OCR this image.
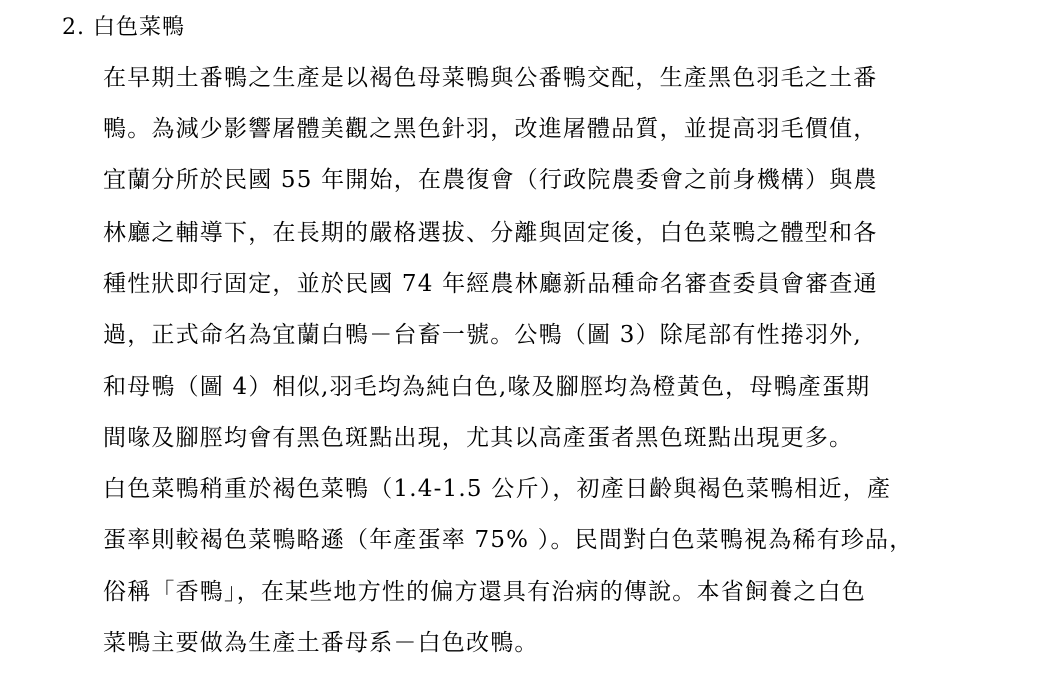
2. 白色菜鴨
在早期土番鴨之生產是以褐色母菜鴨與公番鴨交配，生產黑色羽毛之土番
鴨。為減少影響屠體美觀之黑色針羽，改進屠體品質，並提高羽毛價值，
宜蘭分所於民國 55 年開始，在農復會（行政院農委會之前身機構）與農
林廳之輔導下，在長期的嚴格選拔、分離與固定後，白色菜鴨之體型和各
種性狀即行固定，並於民國 74 年經農林廳新品種命名審查委員會審查通
過，正式命名為宜蘭白鴨－台畜一號。公鴨（圖 3）除尾部有性捲羽外,
和母鴨（圖 4）相似,羽毛均為純白色,喙及腳脛均為橙黃色，母鴨產蛋期
間喙及腳脛均會有黑色斑點出現，尤其以高產蛋者黑色斑點出現更多。
白色菜鴨稍重於褐色菜鴨（1.4-1.5 公斤），初產日齡與褐色菜鴨相近，產
蛋率則較褐色菜鴨略遜（年產蛋率 75% ）。民間對白色菜鴨視為稀有珍品，
俗稱「香鴨」，在某些地方性的偏方還具有治病的傳說。本省飼養之白色
菜鴨主要做為生產土番母系－白色改鴨。
